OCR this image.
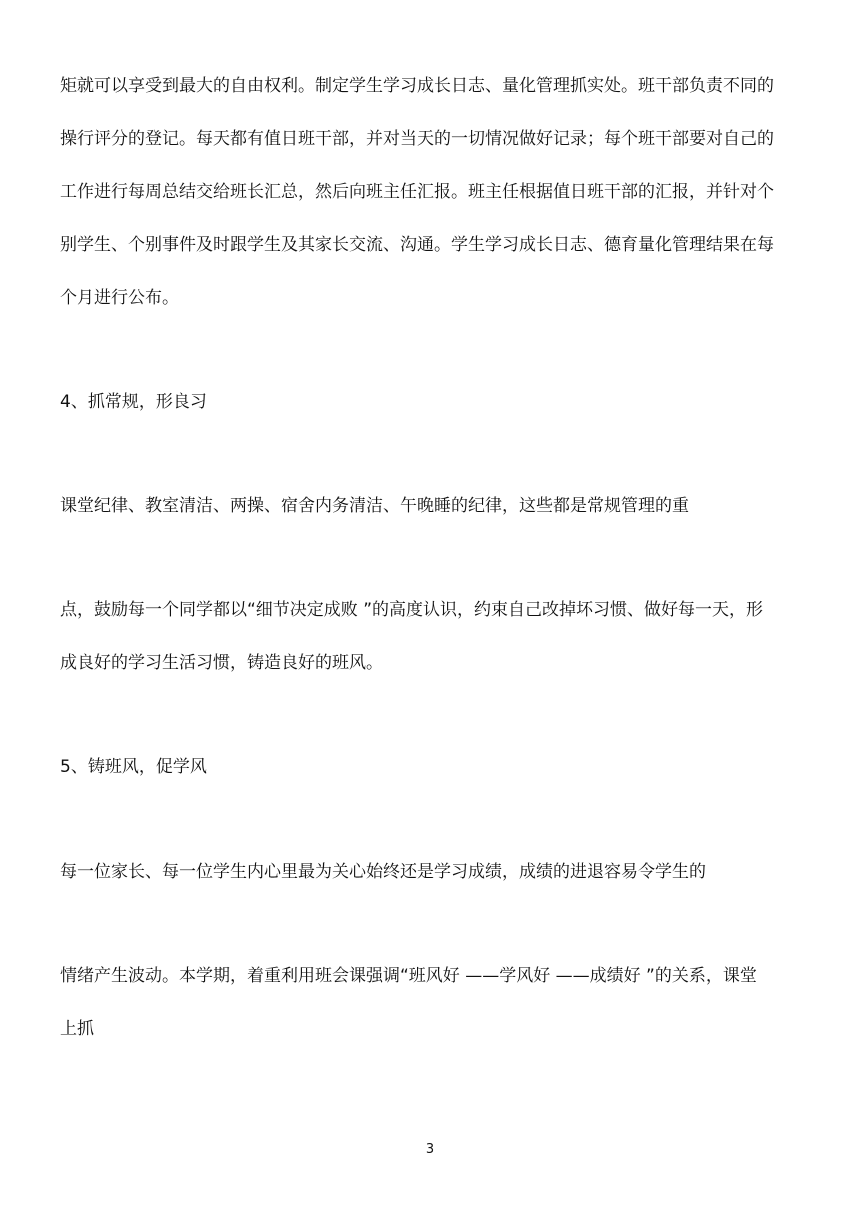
矩就可以享受到最大的自由权利。制定学生学习成长日志、量化管理抓实处。班干部负责不同的

操行评分的登记。每天都有值日班干部，并对当天的一切情况做好记录；每个班干部要对自己的

工作进行每周总结交给班长汇总，然后向班主任汇报。班主任根据值日班干部的汇报，并针对个

别学生、个别事件及时跟学生及其家长交流、沟通。学生学习成长日志、德育量化管理结果在每

个月进行公布。

4、抓常规，形良习

课堂纪律、教室清洁、两操、宿舍内务清洁、午晚睡的纪律，这些都是常规管理的重

点，鼓励每一个同学都以“细节决定成败 ”的高度认识，约束自己改掉坏习惯、做好每一天，形

成良好的学习生活习惯，铸造良好的班风。

5、铸班风，促学风

每一位家长、每一位学生内心里最为关心始终还是学习成绩，成绩的进退容易令学生的

情绪产生波动。本学期，着重利用班会课强调“班风好 ——学风好 ——成绩好 ”的关系，课堂

上抓

3
